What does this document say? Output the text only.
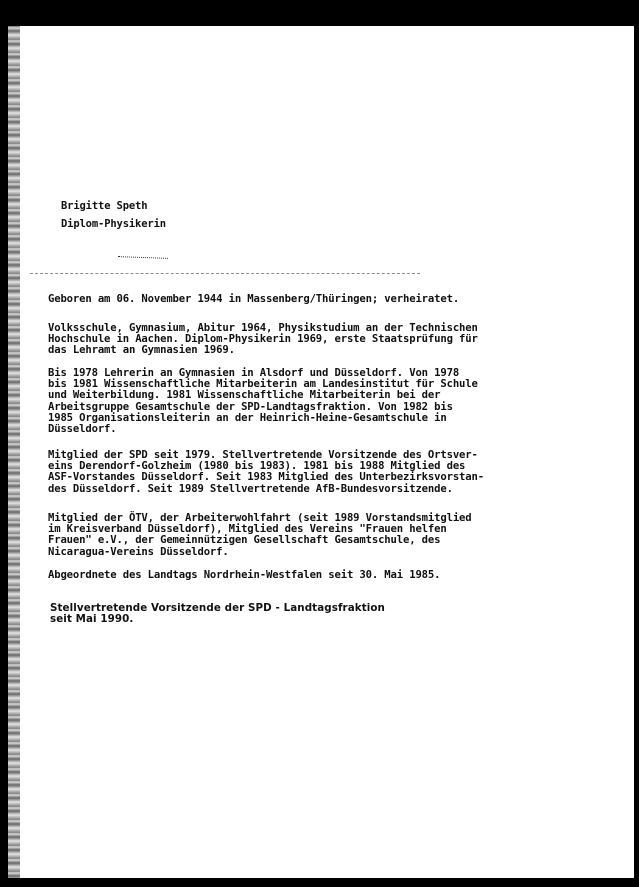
Brigitte Speth
Diplom-Physikerin
Geboren am 06. November 1944 in Massenberg/Thüringen; verheiratet.
Volksschule, Gymnasium, Abitur 1964, Physikstudium an der Technischen
Hochschule in Aachen. Diplom-Physikerin 1969, erste Staatsprüfung für
das Lehramt an Gymnasien 1969.
Bis 1978 Lehrerin an Gymnasien in Alsdorf und Düsseldorf. Von 1978
bis 1981 Wissenschaftliche Mitarbeiterin am Landesinstitut für Schule
und Weiterbildung. 1981 Wissenschaftliche Mitarbeiterin bei der
Arbeitsgruppe Gesamtschule der SPD-Landtagsfraktion. Von 1982 bis
1985 Organisationsleiterin an der Heinrich-Heine-Gesamtschule in
Düsseldorf.
Mitglied der SPD seit 1979. Stellvertretende Vorsitzende des Ortsver-
eins Derendorf-Golzheim (1980 bis 1983). 1981 bis 1988 Mitglied des
ASF-Vorstandes Düsseldorf. Seit 1983 Mitglied des Unterbezirksvorstan-
des Düsseldorf. Seit 1989 Stellvertretende AfB-Bundesvorsitzende.
Mitglied der ÖTV, der Arbeiterwohlfahrt (seit 1989 Vorstandsmitglied
im Kreisverband Düsseldorf), Mitglied des Vereins "Frauen helfen
Frauen" e.V., der Gemeinnützigen Gesellschaft Gesamtschule, des
Nicaragua-Vereins Düsseldorf.
Abgeordnete des Landtags Nordrhein-Westfalen seit 30. Mai 1985.
Stellvertretende Vorsitzende der SPD - Landtagsfraktion
seit Mai 1990.
